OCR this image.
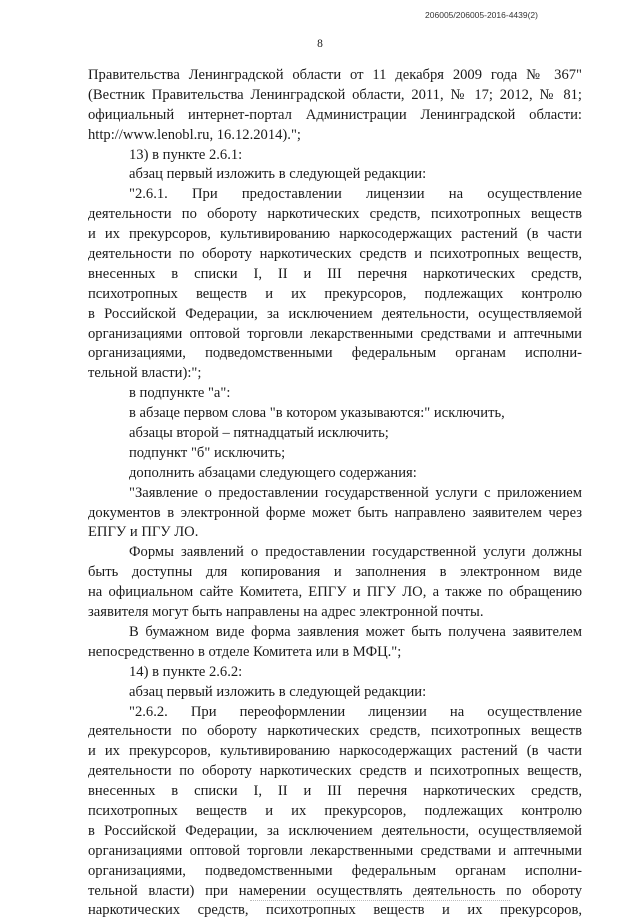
206005/206005-2016-4439(2)
8
Правительства Ленинградской области от 11 декабря 2009 года № 367"
(Вестник Правительства Ленинградской области, 2011, № 17; 2012, № 81;
официальный интернет-портал Администрации Ленинградской области:
http://www.lenobl.ru, 16.12.2014).";
13) в пункте 2.6.1:
абзац первый изложить в следующей редакции:
"2.6.1. При предоставлении лицензии на осуществление
деятельности по обороту наркотических средств, психотропных веществ
и их прекурсоров, культивированию наркосодержащих растений (в части
деятельности по обороту наркотических средств и психотропных веществ,
внесенных в списки I, II и III перечня наркотических средств,
психотропных веществ и их прекурсоров, подлежащих контролю
в Российской Федерации, за исключением деятельности, осуществляемой
организациями оптовой торговли лекарственными средствами и аптечными
организациями, подведомственными федеральным органам исполни-
тельной власти):";
в подпункте "а":
в абзаце первом слова "в котором указываются:" исключить,
абзацы второй – пятнадцатый исключить;
подпункт "б" исключить;
дополнить абзацами следующего содержания:
"Заявление о предоставлении государственной услуги с приложением
документов в электронной форме может быть направлено заявителем через
ЕПГУ и ПГУ ЛО.
Формы заявлений о предоставлении государственной услуги должны
быть доступны для копирования и заполнения в электронном виде
на официальном сайте Комитета, ЕПГУ и ПГУ ЛО, а также по обращению
заявителя могут быть направлены на адрес электронной почты.
В бумажном виде форма заявления может быть получена заявителем
непосредственно в отделе Комитета или в МФЦ.";
14) в пункте 2.6.2:
абзац первый изложить в следующей редакции:
"2.6.2. При переоформлении лицензии на осуществление
деятельности по обороту наркотических средств, психотропных веществ
и их прекурсоров, культивированию наркосодержащих растений (в части
деятельности по обороту наркотических средств и психотропных веществ,
внесенных в списки I, II и III перечня наркотических средств,
психотропных веществ и их прекурсоров, подлежащих контролю
в Российской Федерации, за исключением деятельности, осуществляемой
организациями оптовой торговли лекарственными средствами и аптечными
организациями, подведомственными федеральным органам исполни-
тельной власти) при намерении осуществлять деятельность по обороту
наркотических средств, психотропных веществ и их прекурсоров,
